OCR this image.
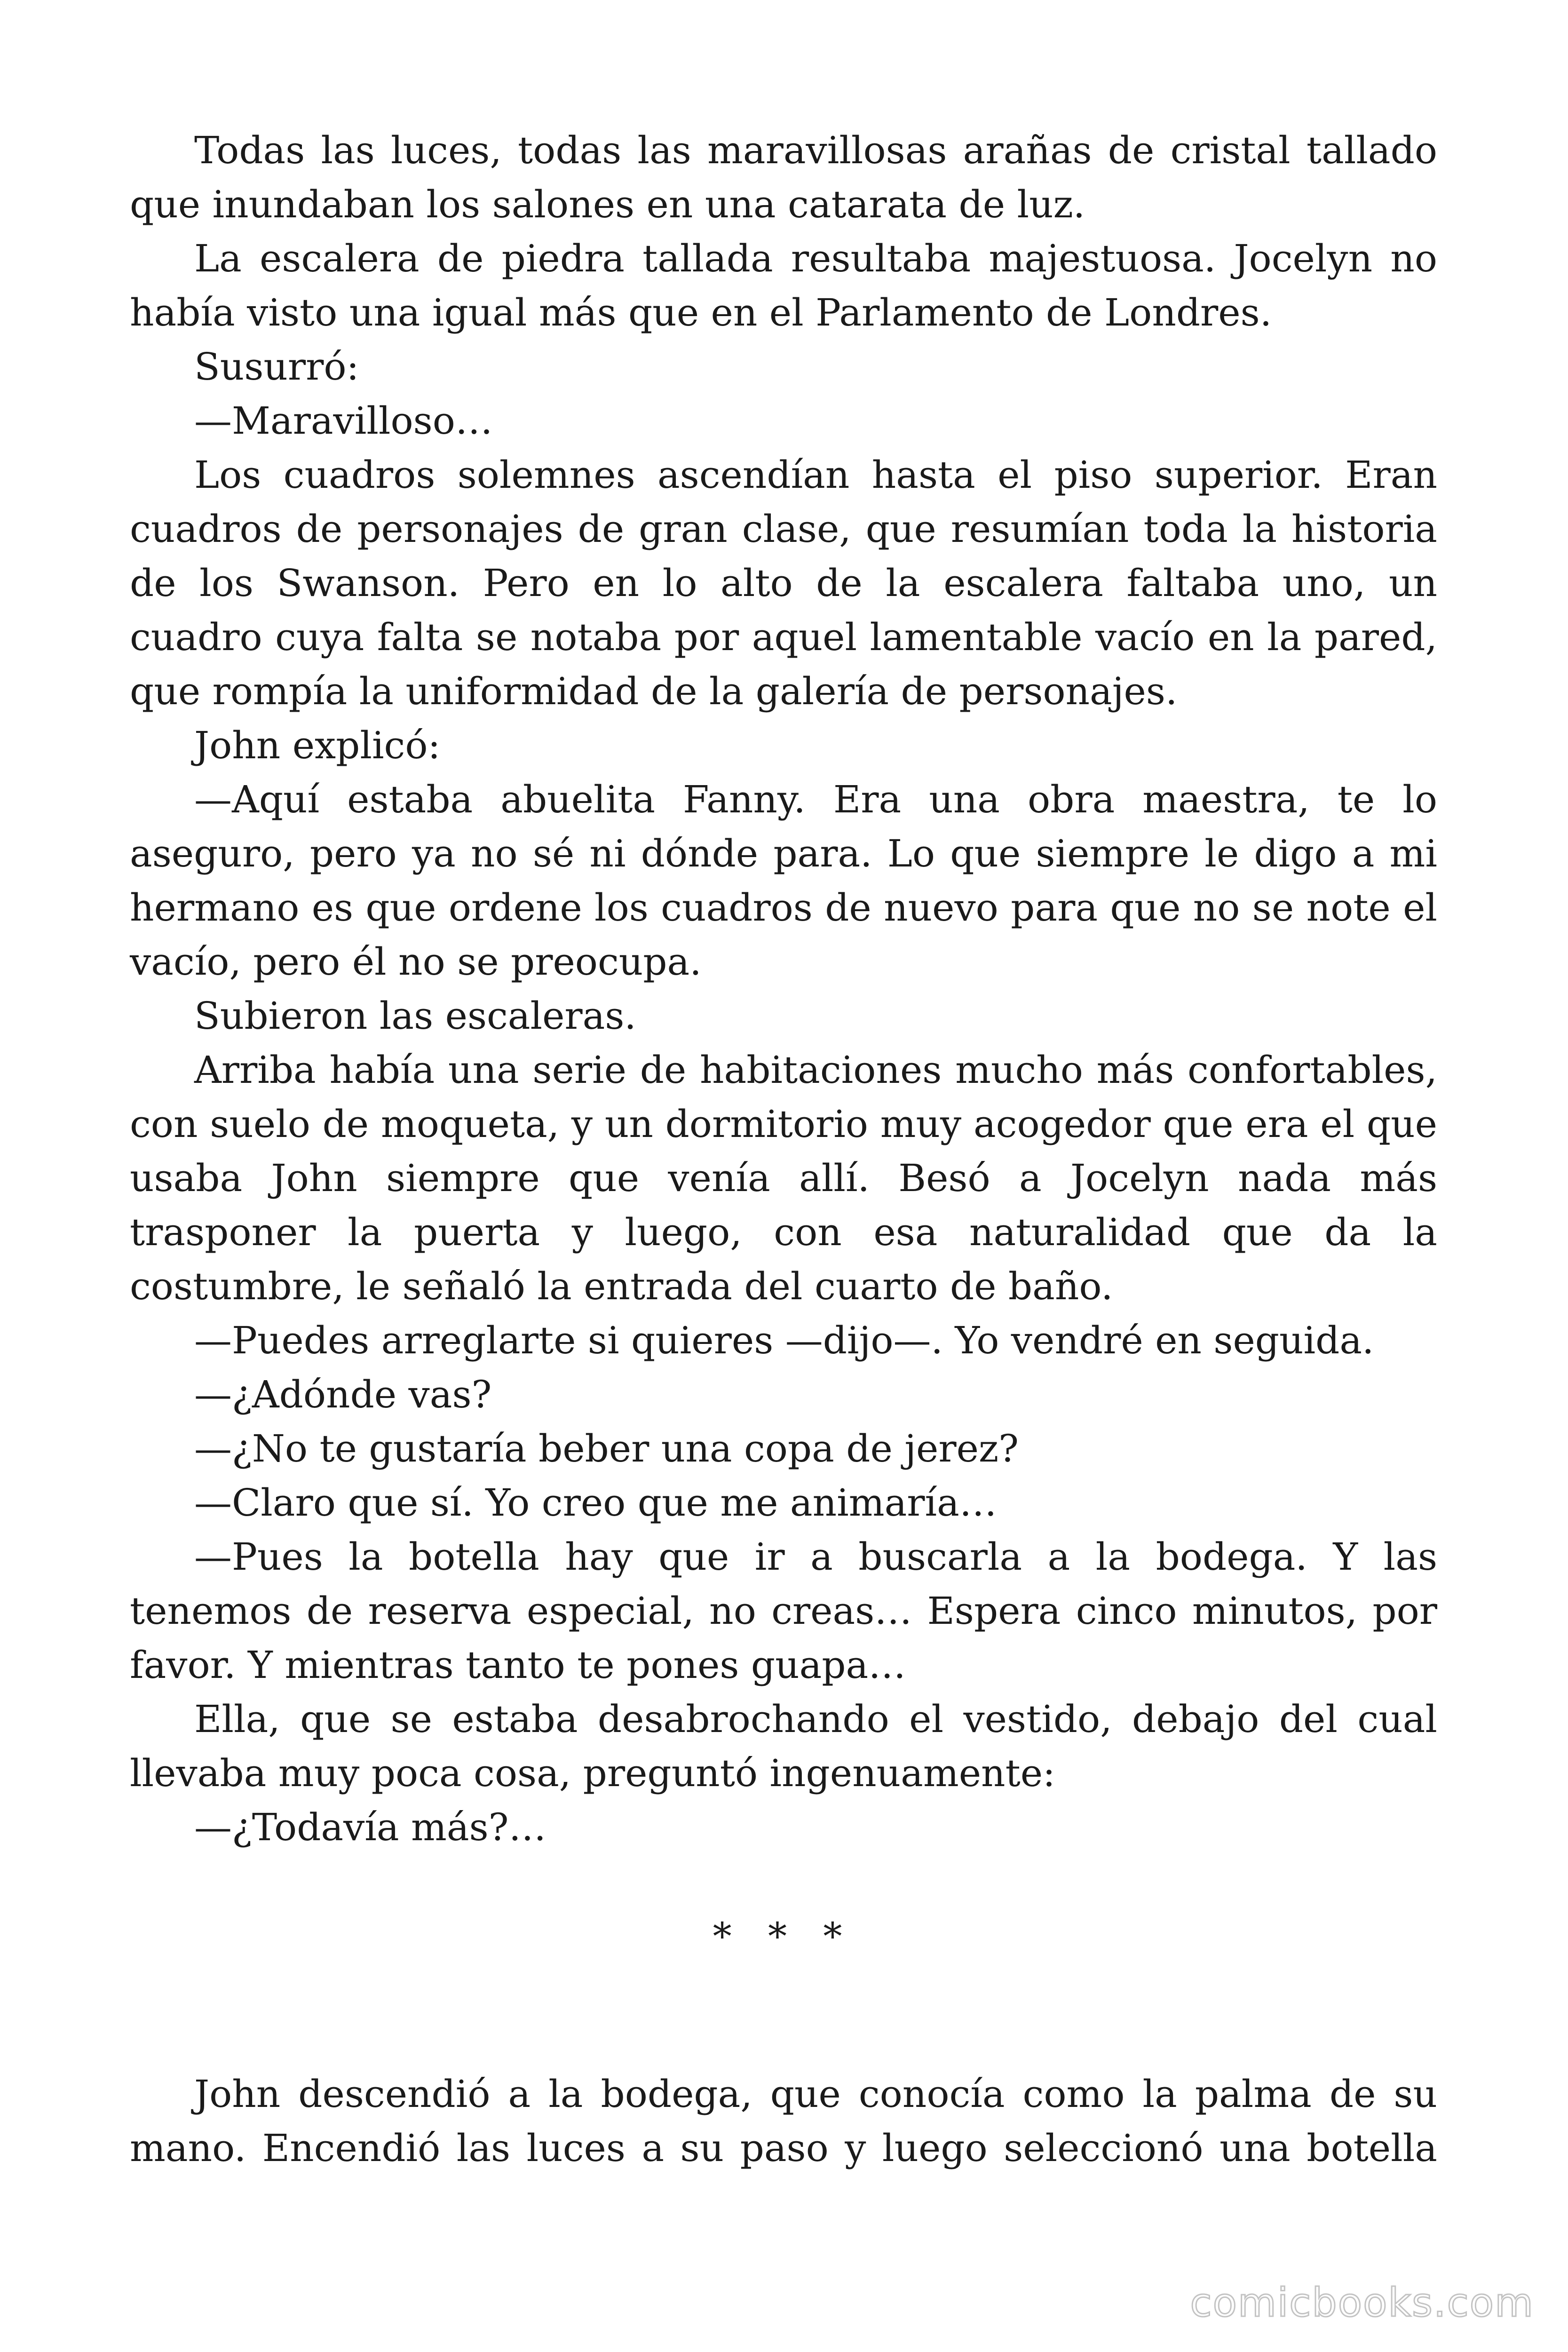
Todas las luces, todas las maravillosas arañas de cristal tallado que inundaban los salones en una catarata de luz.

La escalera de piedra tallada resultaba majestuosa. Jocelyn no había visto una igual más que en el Parlamento de Londres.

Susurró:

—Maravilloso…

Los cuadros solemnes ascendían hasta el piso superior. Eran cuadros de personajes de gran clase, que resumían toda la historia de los Swanson. Pero en lo alto de la escalera faltaba uno, un cuadro cuya falta se notaba por aquel lamentable vacío en la pared, que rompía la uniformidad de la galería de personajes.

John explicó:

—Aquí estaba abuelita Fanny. Era una obra maestra, te lo aseguro, pero ya no sé ni dónde para. Lo que siempre le digo a mi hermano es que ordene los cuadros de nuevo para que no se note el vacío, pero él no se preocupa.

Subieron las escaleras.

Arriba había una serie de habitaciones mucho más confortables, con suelo de moqueta, y un dormitorio muy acogedor que era el que usaba John siempre que venía allí. Besó a Jocelyn nada más trasponer la puerta y luego, con esa naturalidad que da la costumbre, le señaló la entrada del cuarto de baño.

—Puedes arreglarte si quieres —dijo—. Yo vendré en seguida.

—¿Adónde vas?

—¿No te gustaría beber una copa de jerez?

—Claro que sí. Yo creo que me animaría…

—Pues la botella hay que ir a buscarla a la bodega. Y las tenemos de reserva especial, no creas… Espera cinco minutos, por favor. Y mientras tanto te pones guapa…

Ella, que se estaba desabrochando el vestido, debajo del cual llevaba muy poca cosa, preguntó ingenuamente:

—¿Todavía más?…

* * *

John descendió a la bodega, que conocía como la palma de su mano. Encendió las luces a su paso y luego seleccionó una botella

comicbooks.com
